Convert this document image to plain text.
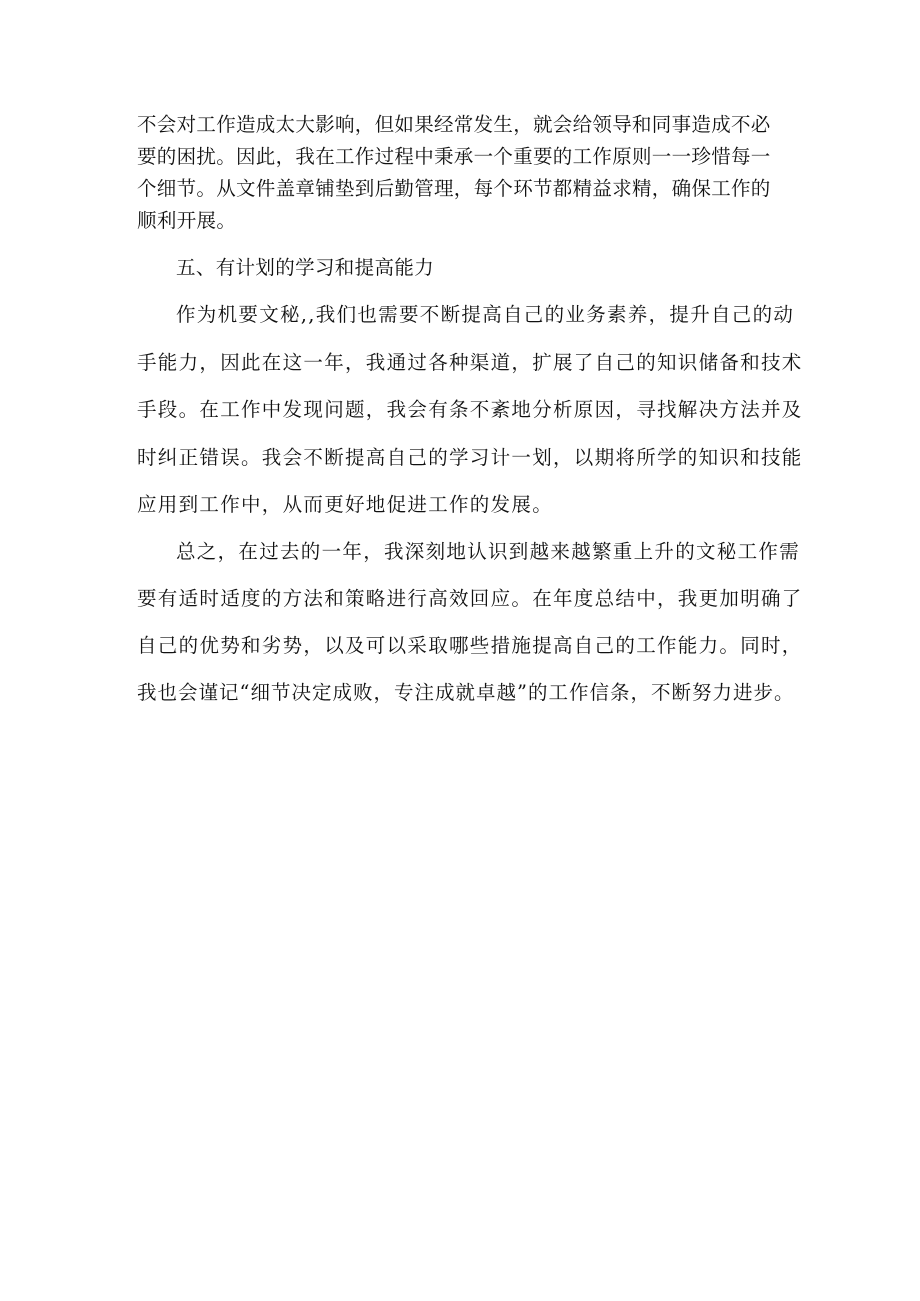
不会对工作造成太大影响，但如果经常发生，就会给领导和同事造成不必
要的困扰。因此，我在工作过程中秉承一个重要的工作原则一一珍惜每一
个细节。从文件盖章铺垫到后勤管理，每个环节都精益求精，确保工作的
顺利开展。
五、有计划的学习和提高能力
作为机要文秘,,我们也需要不断提高自己的业务素养，提升自己的动
手能力，因此在这一年，我通过各种渠道，扩展了自己的知识储备和技术
手段。在工作中发现问题，我会有条不紊地分析原因，寻找解决方法并及
时纠正错误。我会不断提高自己的学习计一划，以期将所学的知识和技能
应用到工作中，从而更好地促进工作的发展。
总之，在过去的一年，我深刻地认识到越来越繁重上升的文秘工作需
要有适时适度的方法和策略进行高效回应。在年度总结中，我更加明确了
自己的优势和劣势，以及可以采取哪些措施提高自己的工作能力。同时，
我也会谨记“细节决定成败，专注成就卓越”的工作信条，不断努力进步。
